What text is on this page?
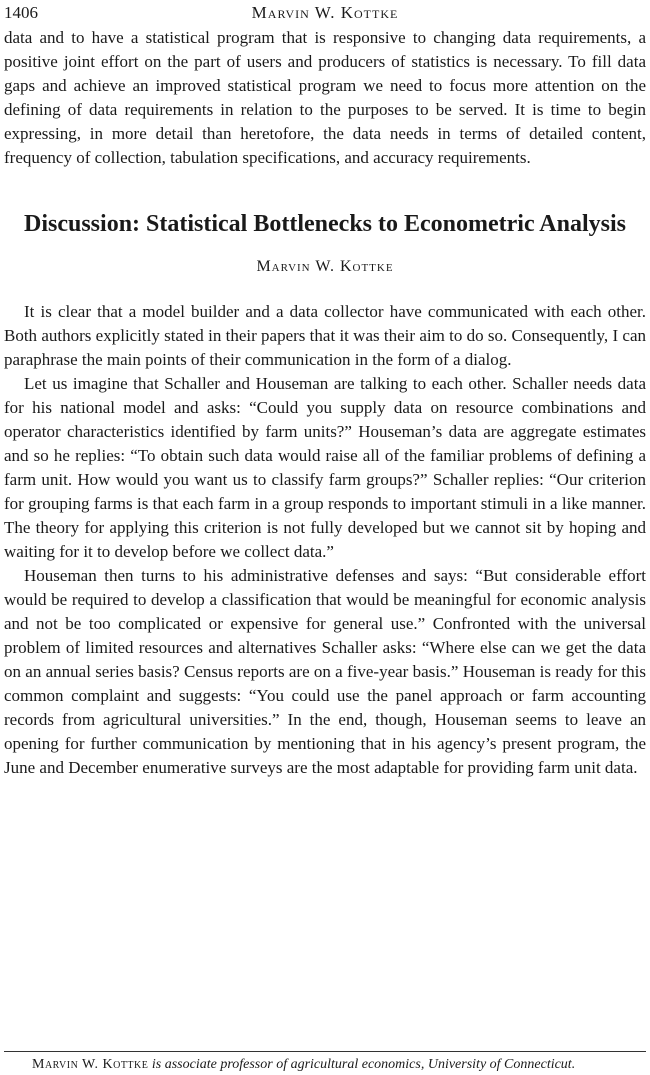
1406	Marvin W. Kottke

data and to have a statistical program that is responsive to changing data requirements, a positive joint effort on the part of users and producers of statistics is necessary. To fill data gaps and achieve an improved statistical program we need to focus more attention on the defining of data requirements in relation to the purposes to be served. It is time to begin expressing, in more detail than heretofore, the data needs in terms of detailed content, frequency of collection, tabulation specifications, and accuracy requirements.

Discussion: Statistical Bottlenecks to Econometric Analysis
Marvin W. Kottke

It is clear that a model builder and a data collector have communicated with each other. Both authors explicitly stated in their papers that it was their aim to do so. Consequently, I can paraphrase the main points of their communication in the form of a dialog.

Let us imagine that Schaller and Houseman are talking to each other. Schaller needs data for his national model and asks: “Could you supply data on resource combinations and operator characteristics identified by farm units?” Houseman’s data are aggregate estimates and so he replies: “To obtain such data would raise all of the familiar problems of defining a farm unit. How would you want us to classify farm groups?” Schaller replies: “Our criterion for grouping farms is that each farm in a group responds to important stimuli in a like manner. The theory for applying this criterion is not fully developed but we cannot sit by hoping and waiting for it to develop before we collect data.”

Houseman then turns to his administrative defenses and says: “But considerable effort would be required to develop a classification that would be meaningful for economic analysis and not be too complicated or expensive for general use.” Confronted with the universal problem of limited resources and alternatives Schaller asks: “Where else can we get the data on an annual series basis? Census reports are on a five-year basis.” Houseman is ready for this common complaint and suggests: “You could use the panel approach or farm accounting records from agricultural universities.” In the end, though, Houseman seems to leave an opening for further communication by mentioning that in his agency’s present program, the June and December enumerative surveys are the most adaptable for providing farm unit data.

Marvin W. Kottke is associate professor of agricultural economics, University of Connecticut.
